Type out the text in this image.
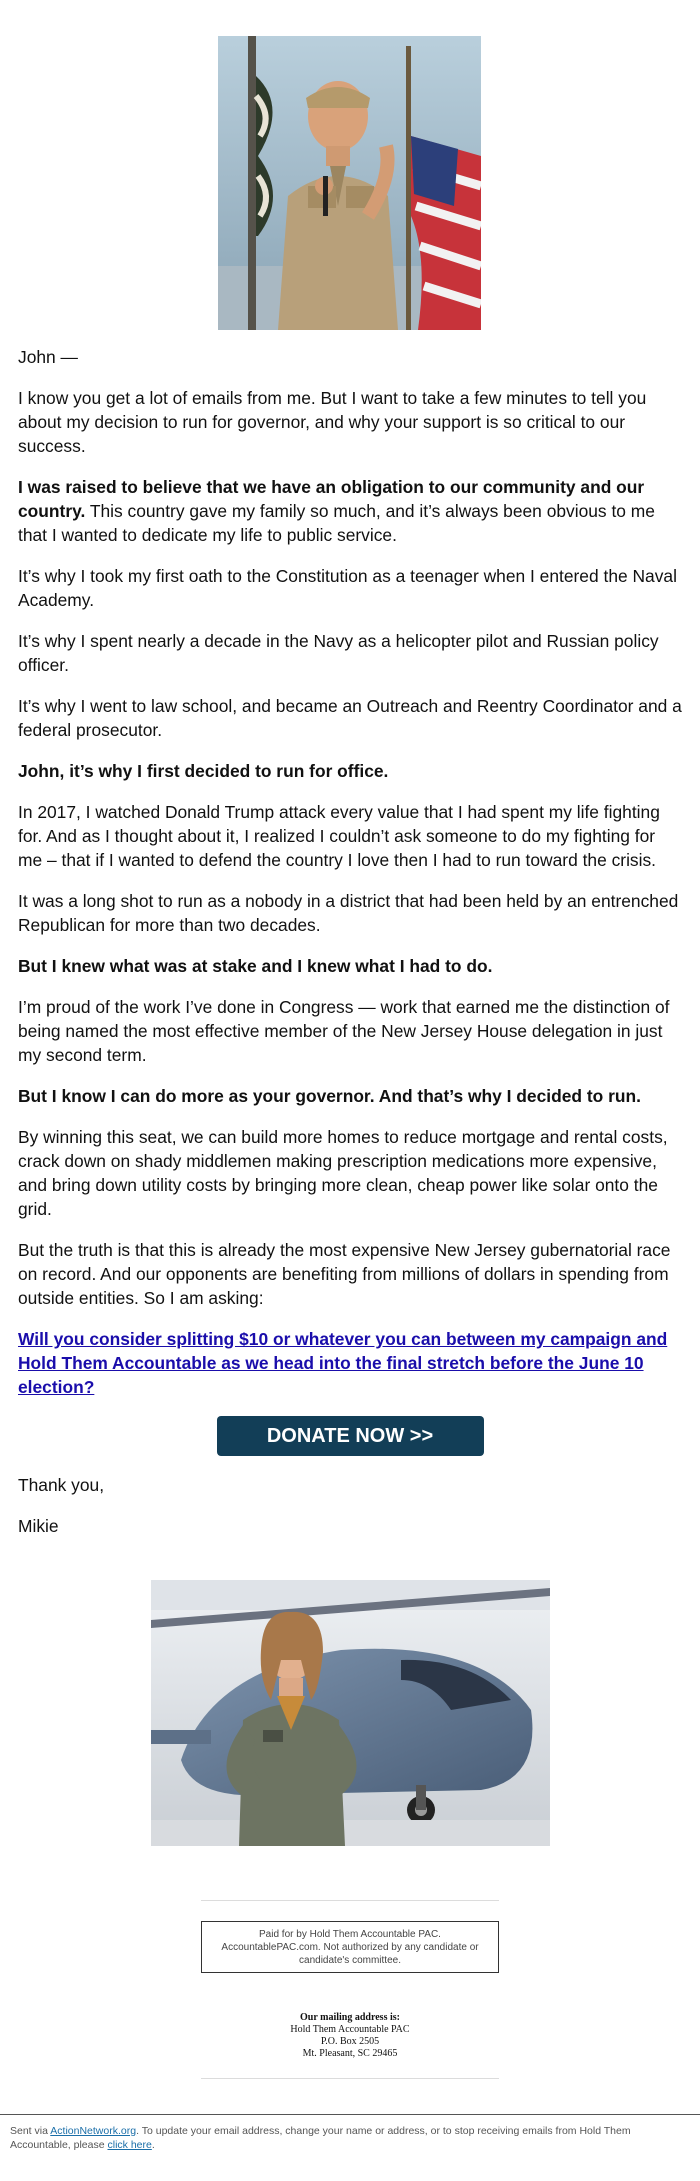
John —

I know you get a lot of emails from me. But I want to take a few minutes to tell you about my decision to run for governor, and why your support is so critical to our success.

I was raised to believe that we have an obligation to our community and our country. This country gave my family so much, and it’s always been obvious to me that I wanted to dedicate my life to public service.

It’s why I took my first oath to the Constitution as a teenager when I entered the Naval Academy.

It’s why I spent nearly a decade in the Navy as a helicopter pilot and Russian policy officer.

It’s why I went to law school, and became an Outreach and Reentry Coordinator and a federal prosecutor.

John, it’s why I first decided to run for office.

In 2017, I watched Donald Trump attack every value that I had spent my life fighting for. And as I thought about it, I realized I couldn’t ask someone to do my fighting for me – that if I wanted to defend the country I love then I had to run toward the crisis.

It was a long shot to run as a nobody in a district that had been held by an entrenched Republican for more than two decades.

But I knew what was at stake and I knew what I had to do.

I’m proud of the work I’ve done in Congress — work that earned me the distinction of being named the most effective member of the New Jersey House delegation in just my second term.

But I know I can do more as your governor. And that’s why I decided to run.

By winning this seat, we can build more homes to reduce mortgage and rental costs, crack down on shady middlemen making prescription medications more expensive, and bring down utility costs by bringing more clean, cheap power like solar onto the grid.

But the truth is that this is already the most expensive New Jersey gubernatorial race on record. And our opponents are benefiting from millions of dollars in spending from outside entities. So I am asking:

Will you consider splitting $10 or whatever you can between my campaign and Hold Them Accountable as we head into the final stretch before the June 10 election?

DONATE NOW >>

Thank you,

Mikie

Paid for by Hold Them Accountable PAC. AccountablePAC.com. Not authorized by any candidate or candidate's committee.
Our mailing address is:
Hold Them Accountable PAC
P.O. Box 2505
Mt. Pleasant, SC 29465
Sent via ActionNetwork.org. To update your email address, change your name or address, or to stop receiving emails from Hold Them Accountable, please click here.
